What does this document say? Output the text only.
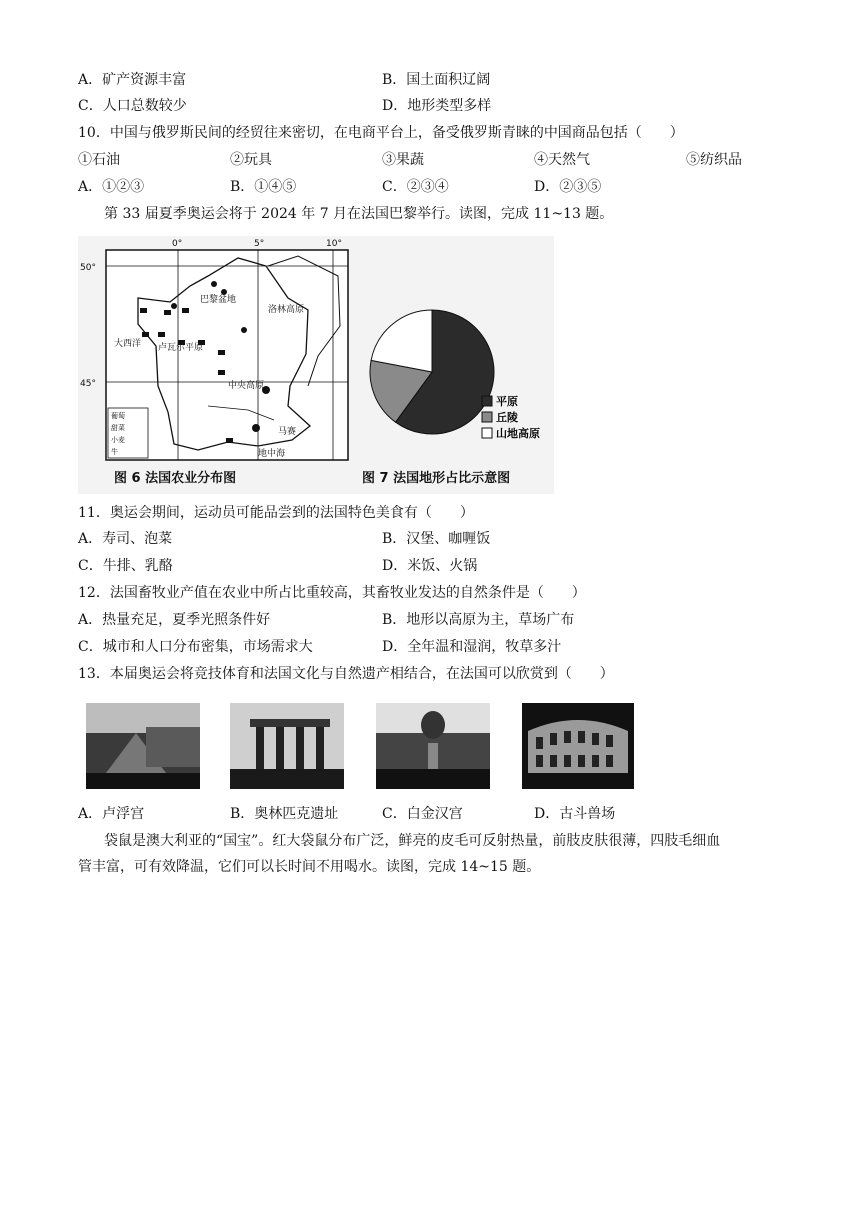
A．矿产资源丰富	B．国土面积辽阔
C．人口总数较少	D．地形类型多样
10．中国与俄罗斯民间的经贸往来密切，在电商平台上，备受俄罗斯青睐的中国商品包括（　　）
①石油	②玩具	③果蔬	④天然气	⑤纺织品
A．①②③	B．①④⑤	C．②③④	D．②③⑤
第 33 届夏季奥运会将于 2024 年 7 月在法国巴黎举行。读图，完成 11~13 题。
50°
45°
0°	5°	10°
巴黎盆地
洛林高原
大西洋 卢瓦尔平原
中央高原
马赛
地中海
葡萄
甜菜
小麦
牛
图 6 法国农业分布图
平原
丘陵
山地高原
图 7 法国地形占比示意图
11．奥运会期间，运动员可能品尝到的法国特色美食有（　　）
A．寿司、泡菜	B．汉堡、咖喱饭
C．牛排、乳酪	D．米饭、火锅
12．法国畜牧业产值在农业中所占比重较高，其畜牧业发达的自然条件是（　　）
A．热量充足，夏季光照条件好	B．地形以高原为主，草场广布
C．城市和人口分布密集，市场需求大	D．全年温和湿润，牧草多汁
13．本届奥运会将竞技体育和法国文化与自然遗产相结合，在法国可以欣赏到（　　）
A．卢浮宫	B．奥林匹克遗址	C．白金汉宫	D．古斗兽场
袋鼠是澳大利亚的“国宝”。红大袋鼠分布广泛，鲜亮的皮毛可反射热量，前肢皮肤很薄，四肢毛细血
管丰富，可有效降温，它们可以长时间不用喝水。读图，完成 14~15 题。
